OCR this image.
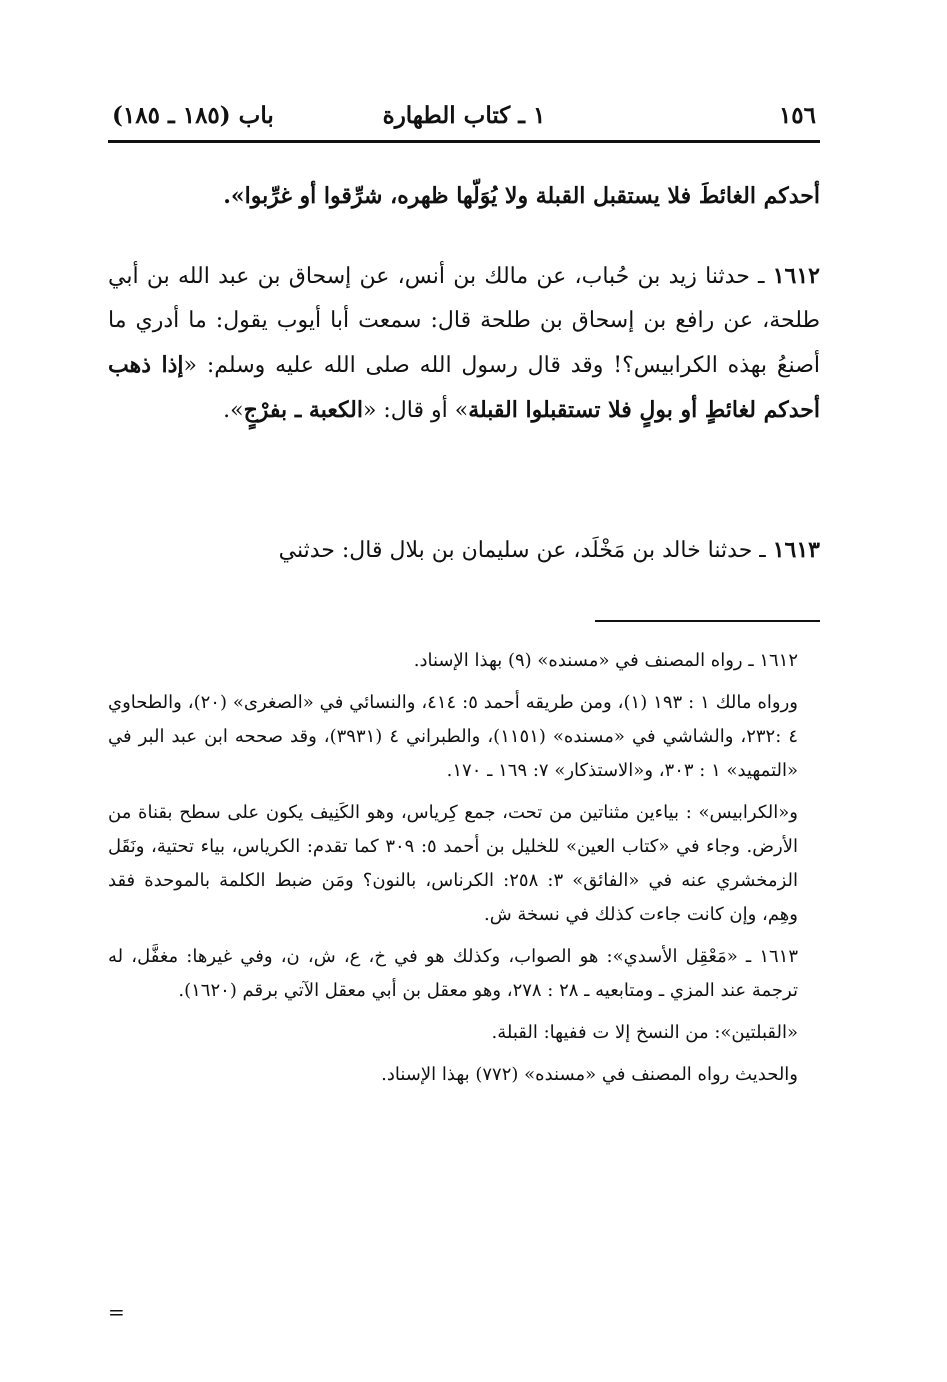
١٥٦
١ ـ كتاب الطهارة
باب (١٨٥ ـ ١٨٥)

أحدكم الغائطَ فلا يستقبل القبلة ولا يُوَلّها ظهره، شرِّقوا أو غرِّبوا».

١٦١٢ ـ حدثنا زيد بن حُباب، عن مالك بن أنس، عن إسحاق بن عبد الله بن أبي طلحة، عن رافع بن إسحاق بن طلحة قال: سمعت أبا أيوب يقول: ما أدري ما أصنعُ بهذه الكرابيس؟! وقد قال رسول الله صلى الله عليه وسلم: «إذا ذهب أحدكم لغائطٍ أو بولٍ فلا تستقبلوا القبلة» أو قال: «الكعبة ـ بفرْجٍ».

١٦١٣ ـ حدثنا خالد بن مَخْلَد، عن سليمان بن بلال قال: حدثني

١٦١٢ ـ رواه المصنف في «مسنده» (٩) بهذا الإسناد.

ورواه مالك ١ : ١٩٣ (١)، ومن طريقه أحمد ٥: ٤١٤، والنسائي في «الصغرى» (٢٠)، والطحاوي ٤ :٢٣٢، والشاشي في «مسنده» (١١٥١)، والطبراني ٤ (٣٩٣١)، وقد صححه ابن عبد البر في «التمهيد» ١ : ٣٠٣، و«الاستذكار» ٧: ١٦٩ ـ ١٧٠.

و«الكرابيس» : بياءين مثناتين من تحت، جمع كِرياس، وهو الكَنِيف يكون على سطح بقناة من الأرض. وجاء في «كتاب العين» للخليل بن أحمد ٥: ٣٠٩ كما تقدم: الكرياس، بياء تحتية، ونَقَل الزمخشري عنه في «الفائق» ٣: ٢٥٨: الكرناس، بالنون؟ ومَن ضبط الكلمة بالموحدة فقد وهِم، وإن كانت جاءت كذلك في نسخة ش.

١٦١٣ ـ «مَعْقِل الأسدي»: هو الصواب، وكذلك هو في خ، ع، ش، ن، وفي غيرها: مغفَّل، له ترجمة عند المزي ـ ومتابعيه ـ ٢٨ : ٢٧٨، وهو معقل بن أبي معقل الآتي برقم (١٦٢٠).

«القبلتين»: من النسخ إلا ت ففيها: القبلة.

والحديث رواه المصنف في «مسنده» (٧٧٢) بهذا الإسناد.

=
